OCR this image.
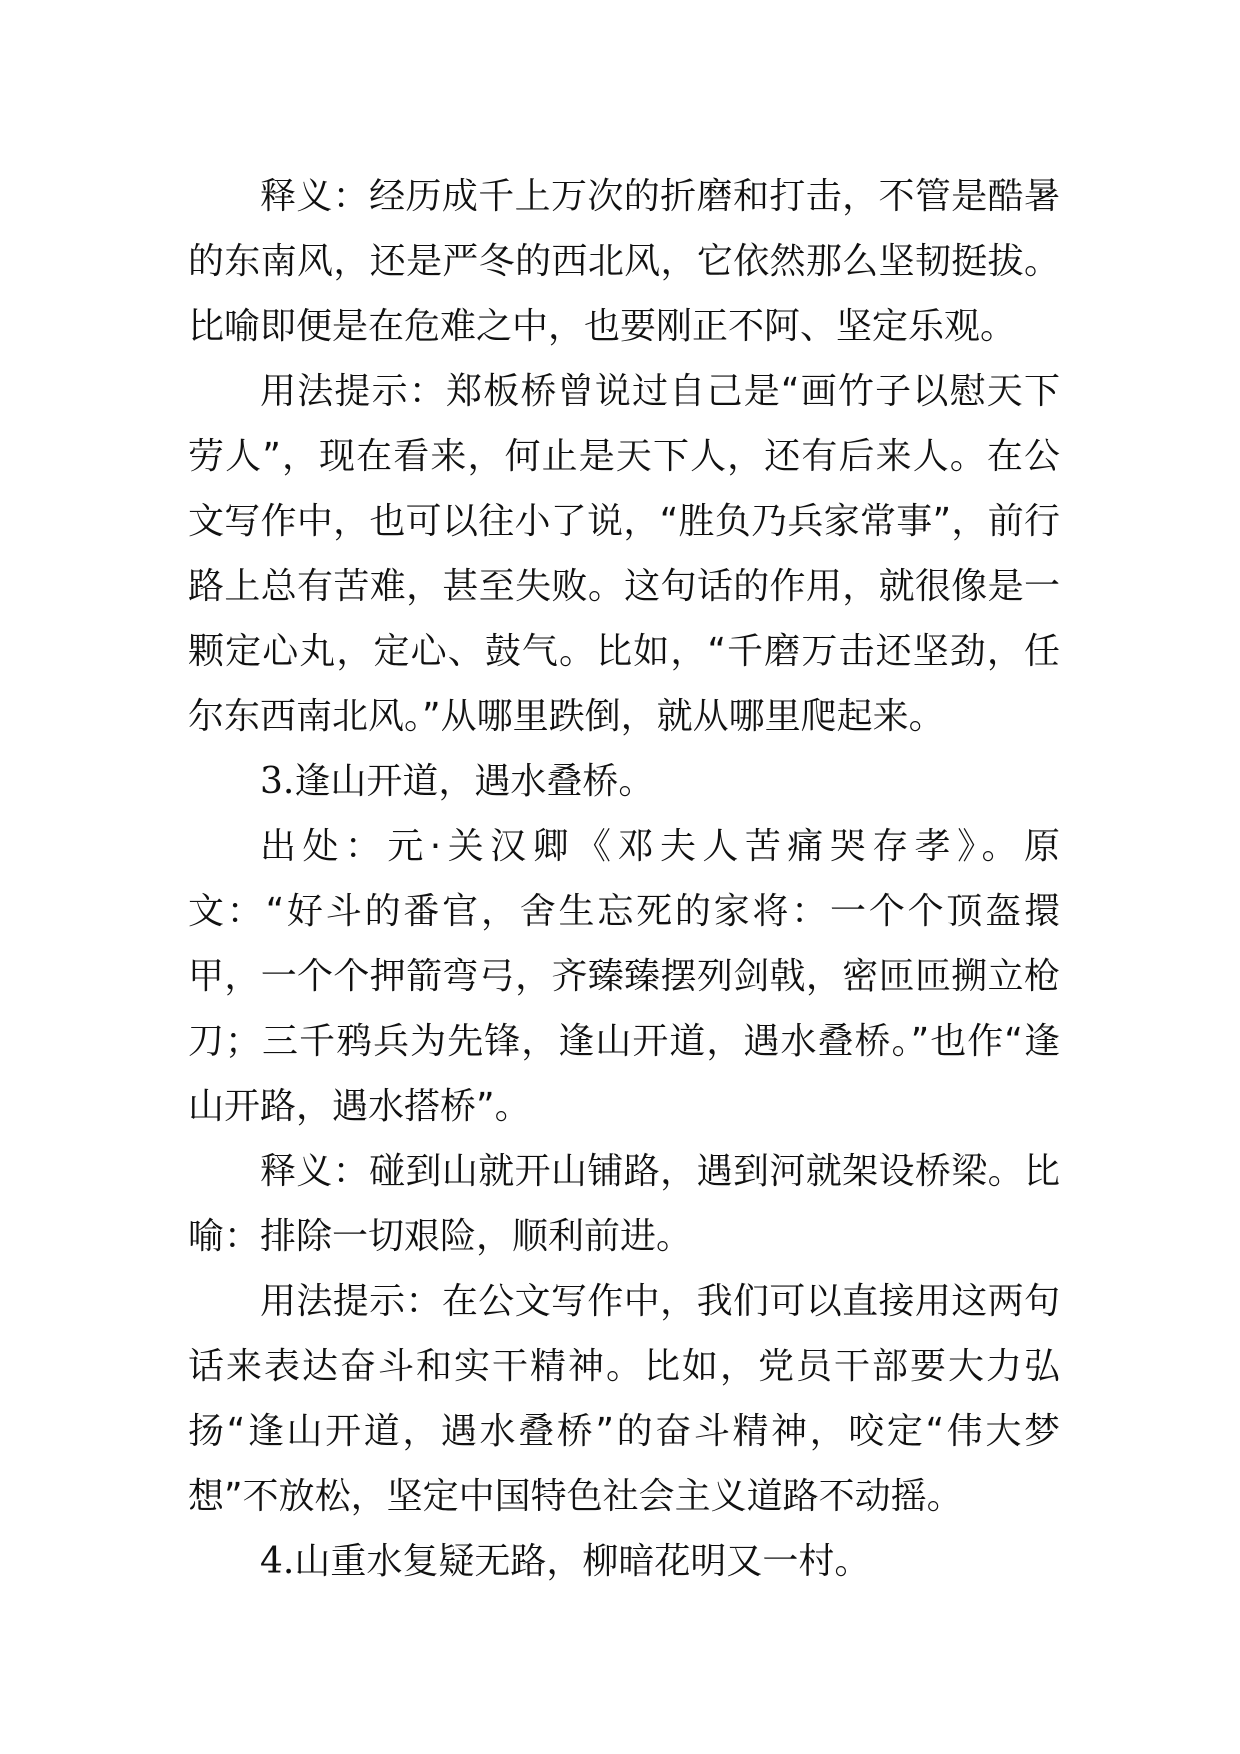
释义：经历成千上万次的折磨和打击，不管是酷暑的东南风，还是严冬的西北风，它依然那么坚韧挺拔。比喻即便是在危难之中，也要刚正不阿、坚定乐观。

用法提示：郑板桥曾说过自己是“画竹子以慰天下劳人”，现在看来，何止是天下人，还有后来人。在公文写作中，也可以往小了说，“胜负乃兵家常事”，前行路上总有苦难，甚至失败。这句话的作用，就很像是一颗定心丸，定心、鼓气。比如，“千磨万击还坚劲，任尔东西南北风。”从哪里跌倒，就从哪里爬起来。

3.逢山开道，遇水叠桥。

出处：元·关汉卿《邓夫人苦痛哭存孝》。原文：“好斗的番官，舍生忘死的家将：一个个顶盔擐甲，一个个押箭弯弓，齐臻臻摆列剑戟，密匝匝搠立枪刀；三千鸦兵为先锋，逢山开道，遇水叠桥。”也作“逢山开路，遇水搭桥”。

释义：碰到山就开山铺路，遇到河就架设桥梁。比喻：排除一切艰险，顺利前进。

用法提示：在公文写作中，我们可以直接用这两句话来表达奋斗和实干精神。比如，党员干部要大力弘扬“逢山开道，遇水叠桥”的奋斗精神，咬定“伟大梦想”不放松，坚定中国特色社会主义道路不动摇。

4.山重水复疑无路，柳暗花明又一村。
